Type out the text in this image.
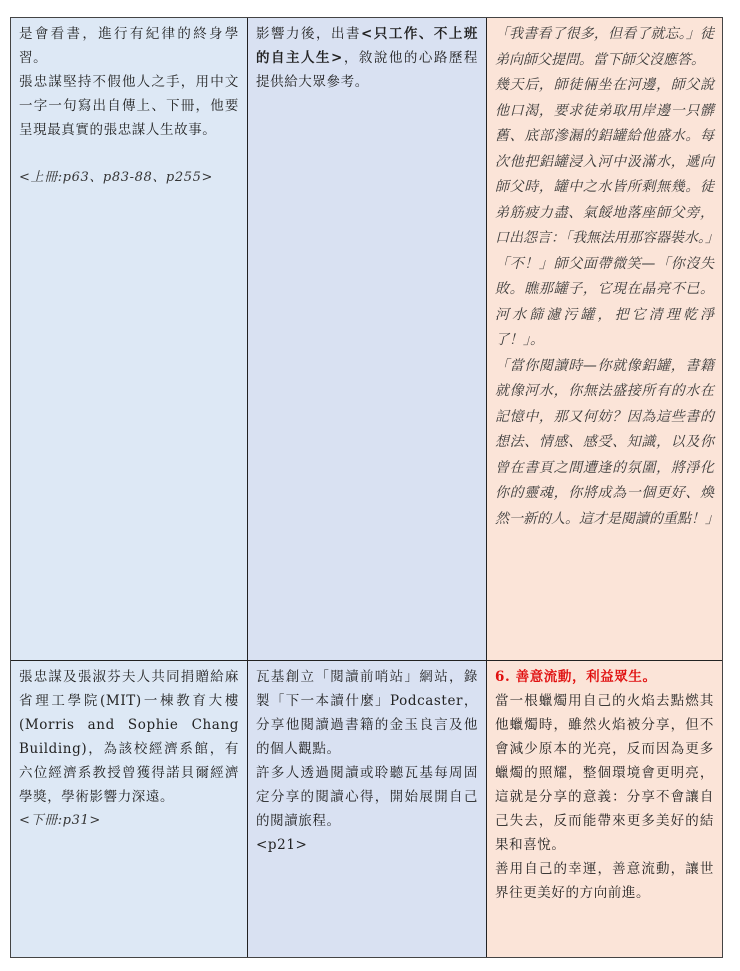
是會看書，進行有紀律的終身學習。

張忠謀堅持不假他人之手，用中文一字一句寫出自傳上、下冊，他要呈現最真實的張忠謀人生故事。

<上冊:p63、p83-88、p255>

影響力後，出書<只工作、不上班的自主人生>，敘說他的心路歷程提供給大眾參考。

「我書看了很多，但看了就忘。」徒弟向師父提問。當下師父沒應答。

幾天后，師徒倆坐在河邊，師父說他口渴，要求徒弟取用岸邊一只髒舊、底部滲漏的鋁罐給他盛水。每次他把鋁罐浸入河中汲滿水，遞向師父時，罐中之水皆所剩無幾。徒弟筋疲力盡、氣餒地落座師父旁，口出怨言：「我無法用那容器裝水。」

「不！」師父面帶微笑—「你沒失敗。瞧那罐子，它現在晶亮不已。河水篩濾污罐，把它清理乾淨了！」。

「當你閱讀時—你就像鋁罐，書籍就像河水，你無法盛接所有的水在記憶中，那又何妨？因為這些書的想法、情感、感受、知識，以及你曾在書頁之間遭逢的氛圍，將淨化你的靈魂，你將成為一個更好、煥然一新的人。這才是閱讀的重點！」

張忠謀及張淑芬夫人共同捐贈給麻省理工學院(MIT)一棟教育大樓(Morris and Sophie Chang Building)，為該校經濟系館，有六位經濟系教授曾獲得諾貝爾經濟學獎，學術影響力深遠。

<下冊:p31>

瓦基創立「閱讀前哨站」網站，錄製「下一本讀什麼」Podcaster，分享他閱讀過書籍的金玉良言及他的個人觀點。

許多人透過閱讀或聆聽瓦基每周固定分享的閱讀心得，開始展開自己的閱讀旅程。

<p21>

6. 善意流動，利益眾生。

當一根蠟燭用自己的火焰去點燃其他蠟燭時，雖然火焰被分享，但不會減少原本的光亮，反而因為更多蠟燭的照耀，整個環境會更明亮，這就是分享的意義：分享不會讓自己失去，反而能帶來更多美好的結果和喜悅。

善用自己的幸運，善意流動，讓世界往更美好的方向前進。
